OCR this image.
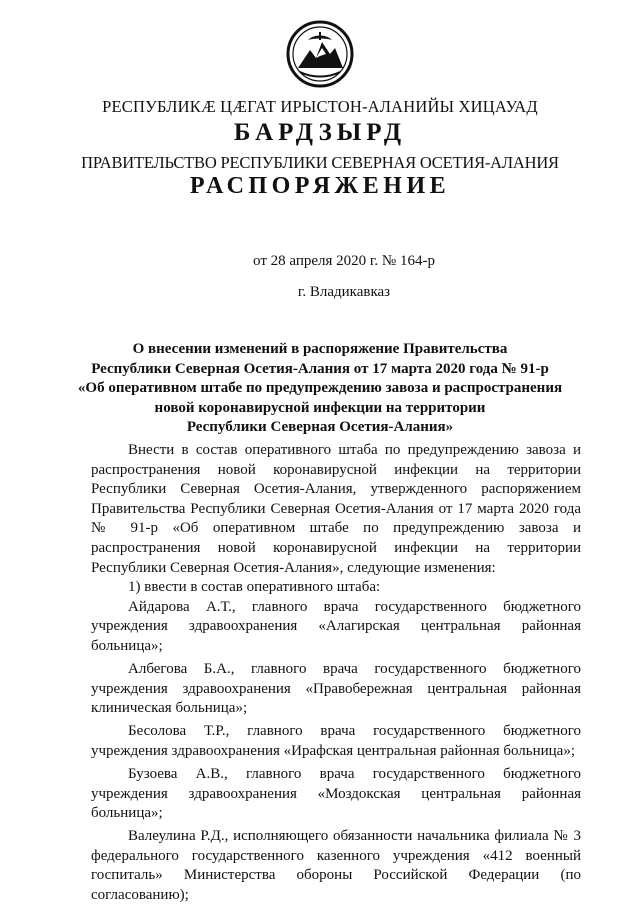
РЕСПУБЛИКӔ ЦӔГАТ ИРЫСТОН-АЛАНИЙЫ ХИЦАУАД
БАРДЗЫРД
ПРАВИТЕЛЬСТВО РЕСПУБЛИКИ СЕВЕРНАЯ ОСЕТИЯ-АЛАНИЯ
РАСПОРЯЖЕНИЕ
от 28 апреля 2020 г. № 164-р
г. Владикавказ
О внесении изменений в распоряжение Правительства
Республики Северная Осетия-Алания от 17 марта 2020 года № 91-р
«Об оперативном штабе по предупреждению завоза и распространения
новой коронавирусной инфекции на территории
Республики Северная Осетия-Алания»

Внести в состав оперативного штаба по предупреждению завоза и распространения новой коронавирусной инфекции на территории Республики Северная Осетия-Алания, утвержденного распоряжением Правительства Республики Северная Осетия-Алания от 17 марта 2020 года № 91-р «Об оперативном штабе по предупреждению завоза и распространения новой коронавирусной инфекции на территории Республики Северная Осетия-Алания», следующие изменения:

1) ввести в состав оперативного штаба:

Айдарова А.Т., главного врача государственного бюджетного учреждения здравоохранения «Алагирская центральная районная больница»;

Албегова Б.А., главного врача государственного бюджетного учреждения здравоохранения «Правобережная центральная районная клиническая больница»;

Бесолова Т.Р., главного врача государственного бюджетного учреждения здравоохранения «Ирафская центральная районная больница»;

Бузоева А.В., главного врача государственного бюджетного учреждения здравоохранения «Моздокская центральная районная больница»;

Валеулина Р.Д., исполняющего обязанности начальника филиала № 3 федерального государственного казенного учреждения «412 военный госпиталь» Министерства обороны Российской Федерации (по согласованию);
